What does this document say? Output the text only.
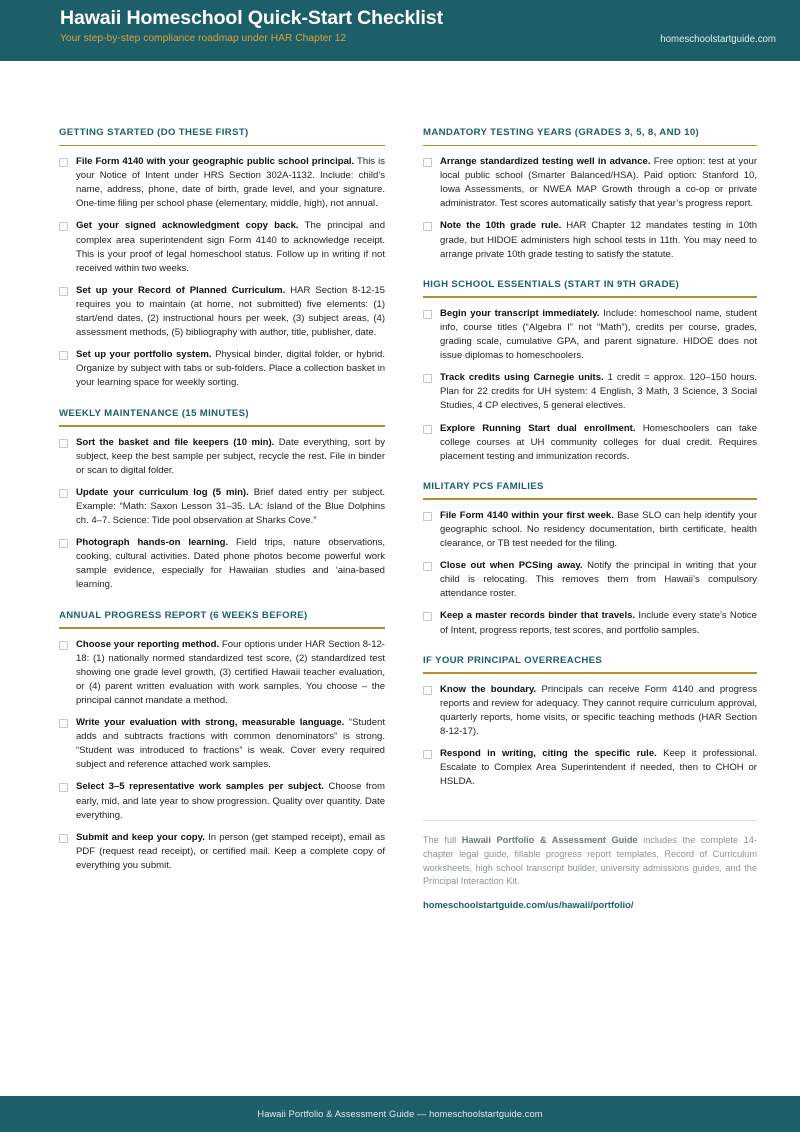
Hawaii Homeschool Quick-Start Checklist
Your step-by-step compliance roadmap under HAR Chapter 12	homeschoolstartguide.com
GETTING STARTED (DO THESE FIRST)
File Form 4140 with your geographic public school principal. This is your Notice of Intent under HRS Section 302A-1132. Include: child’s name, address, phone, date of birth, grade level, and your signature. One-time filing per school phase (elementary, middle, high), not annual.
Get your signed acknowledgment copy back. The principal and complex area superintendent sign Form 4140 to acknowledge receipt. This is your proof of legal homeschool status. Follow up in writing if not received within two weeks.
Set up your Record of Planned Curriculum. HAR Section 8-12-15 requires you to maintain (at home, not submitted) five elements: (1) start/end dates, (2) instructional hours per week, (3) subject areas, (4) assessment methods, (5) bibliography with author, title, publisher, date.
Set up your portfolio system. Physical binder, digital folder, or hybrid. Organize by subject with tabs or sub-folders. Place a collection basket in your learning space for weekly sorting.
WEEKLY MAINTENANCE (15 MINUTES)
Sort the basket and file keepers (10 min). Date everything, sort by subject, keep the best sample per subject, recycle the rest. File in binder or scan to digital folder.
Update your curriculum log (5 min). Brief dated entry per subject. Example: “Math: Saxon Lesson 31–35. LA: Island of the Blue Dolphins ch. 4–7. Science: Tide pool observation at Sharks Cove.”
Photograph hands-on learning. Field trips, nature observations, cooking, cultural activities. Dated phone photos become powerful work sample evidence, especially for Hawaiian studies and ʻaina-based learning.
ANNUAL PROGRESS REPORT (6 WEEKS BEFORE)
Choose your reporting method. Four options under HAR Section 8-12-18: (1) nationally normed standardized test score, (2) standardized test showing one grade level growth, (3) certified Hawaii teacher evaluation, or (4) parent written evaluation with work samples. You choose – the principal cannot mandate a method.
Write your evaluation with strong, measurable language. “Student adds and subtracts fractions with common denominators” is strong. “Student was introduced to fractions” is weak. Cover every required subject and reference attached work samples.
Select 3–5 representative work samples per subject. Choose from early, mid, and late year to show progression. Quality over quantity. Date everything.
Submit and keep your copy. In person (get stamped receipt), email as PDF (request read receipt), or certified mail. Keep a complete copy of everything you submit.
MANDATORY TESTING YEARS (GRADES 3, 5, 8, AND 10)
Arrange standardized testing well in advance. Free option: test at your local public school (Smarter Balanced/HSA). Paid option: Stanford 10, Iowa Assessments, or NWEA MAP Growth through a co-op or private administrator. Test scores automatically satisfy that year’s progress report.
Note the 10th grade rule. HAR Chapter 12 mandates testing in 10th grade, but HIDOE administers high school tests in 11th. You may need to arrange private 10th grade testing to satisfy the statute.
HIGH SCHOOL ESSENTIALS (START IN 9TH GRADE)
Begin your transcript immediately. Include: homeschool name, student info, course titles (“Algebra I” not “Math”), credits per course, grades, grading scale, cumulative GPA, and parent signature. HIDOE does not issue diplomas to homeschoolers.
Track credits using Carnegie units. 1 credit = approx. 120–150 hours. Plan for 22 credits for UH system: 4 English, 3 Math, 3 Science, 3 Social Studies, 4 CP electives, 5 general electives.
Explore Running Start dual enrollment. Homeschoolers can take college courses at UH community colleges for dual credit. Requires placement testing and immunization records.
MILITARY PCS FAMILIES
File Form 4140 within your first week. Base SLO can help identify your geographic school. No residency documentation, birth certificate, health clearance, or TB test needed for the filing.
Close out when PCSing away. Notify the principal in writing that your child is relocating. This removes them from Hawaii’s compulsory attendance roster.
Keep a master records binder that travels. Include every state’s Notice of Intent, progress reports, test scores, and portfolio samples.
IF YOUR PRINCIPAL OVERREACHES
Know the boundary. Principals can receive Form 4140 and progress reports and review for adequacy. They cannot require curriculum approval, quarterly reports, home visits, or specific teaching methods (HAR Section 8-12-17).
Respond in writing, citing the specific rule. Keep it professional. Escalate to Complex Area Superintendent if needed, then to CHOH or HSLDA.
The full Hawaii Portfolio & Assessment Guide includes the complete 14-chapter legal guide, fillable progress report templates, Record of Curriculum worksheets, high school transcript builder, university admissions guides, and the Principal Interaction Kit.
homeschoolstartguide.com/us/hawaii/portfolio/
Hawaii Portfolio & Assessment Guide — homeschoolstartguide.com
